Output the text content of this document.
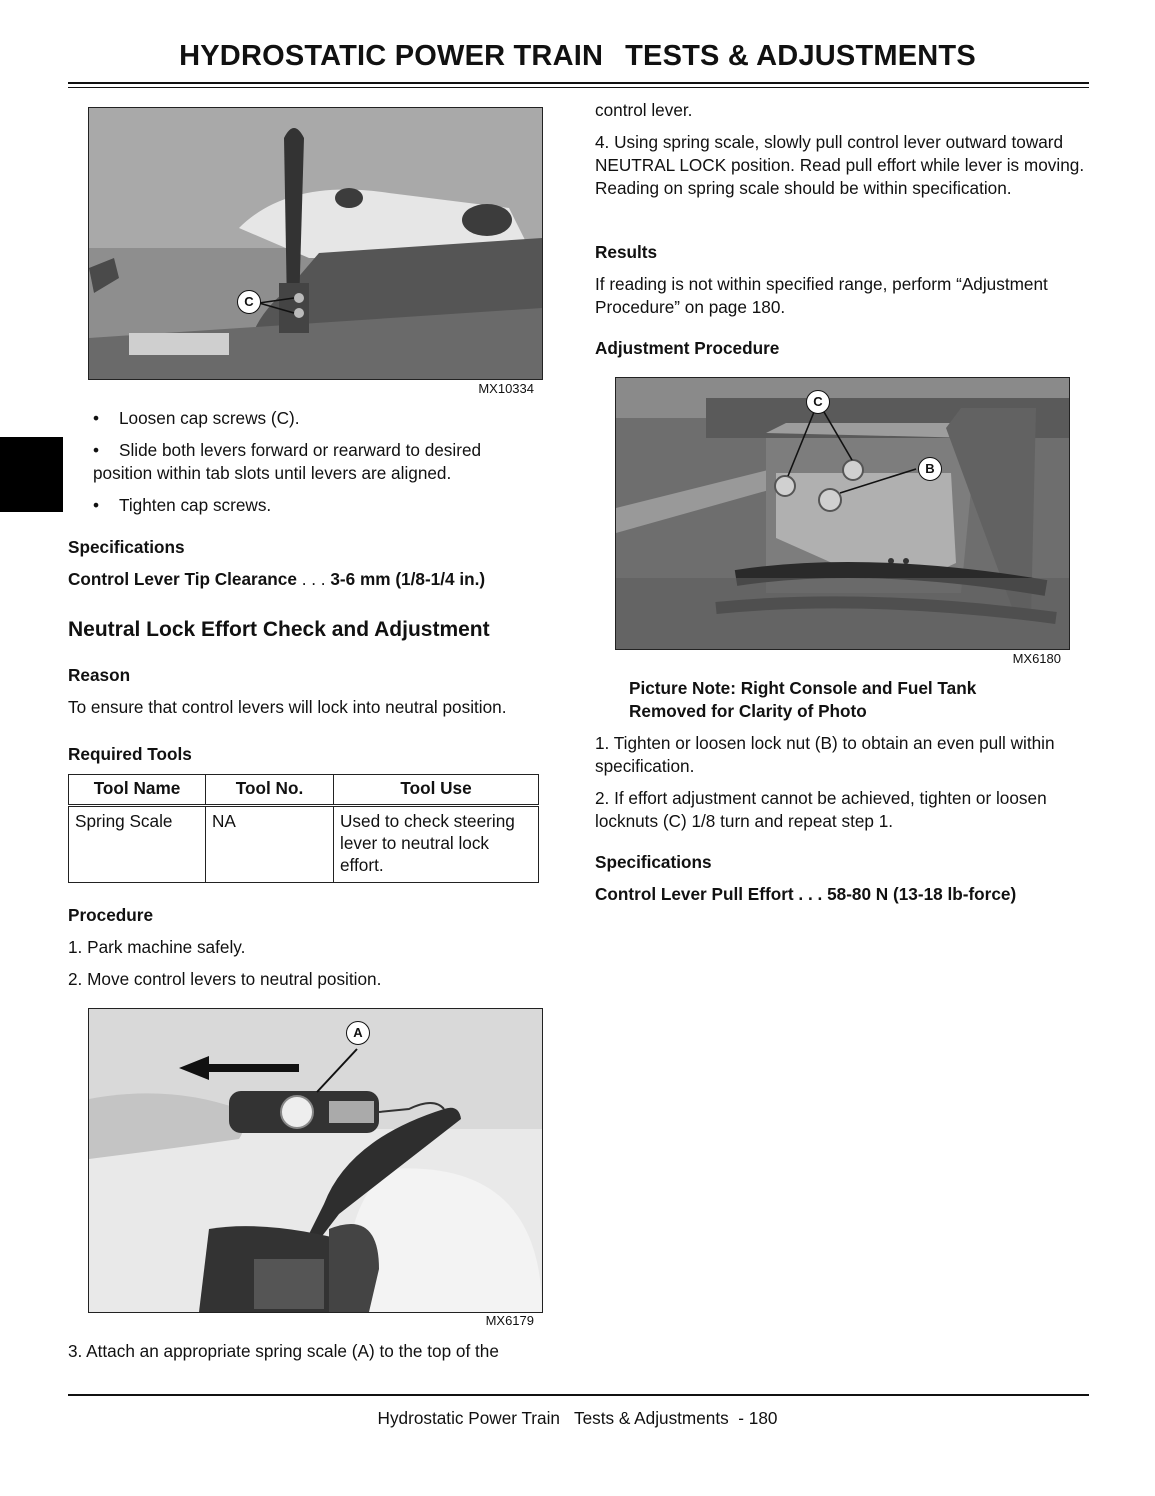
HYDROSTATIC POWER TRAIN TESTS & ADJUSTMENTS
C
MX10334
• Loosen cap screws (C).
•	Slide both levers forward or rearward to desired position within tab slots until levers are aligned.
• Tighten cap screws.
Specifications
Control Lever Tip Clearance . . . 3-6 mm (1/8-1/4 in.)
Neutral Lock Effort Check and Adjustment
Reason
To ensure that control levers will lock into neutral position.
Required Tools
Tool Name	Tool No.	Tool Use
Spring Scale	NA	Used to check steering lever to neutral lock effort.
Procedure
1. Park machine safely.
2. Move control levers to neutral position.
A
MX6179
3. Attach an appropriate spring scale (A) to the top of the
control lever.
4. Using spring scale, slowly pull control lever outward toward NEUTRAL LOCK position. Read pull effort while lever is moving. Reading on spring scale should be within specification.
Results
If reading is not within specified range, perform “Adjustment Procedure” on page 180.
Adjustment Procedure
C
B
MX6180
Picture Note: Right Console and Fuel Tank Removed for Clarity of Photo
1. Tighten or loosen lock nut (B) to obtain an even pull within specification.
2. If effort adjustment cannot be achieved, tighten or loosen locknuts (C) 1/8 turn and repeat step 1.
Specifications
Control Lever Pull Effort . . . 58-80 N (13-18 lb-force)
Hydrostatic Power Train   Tests & Adjustments  - 180
